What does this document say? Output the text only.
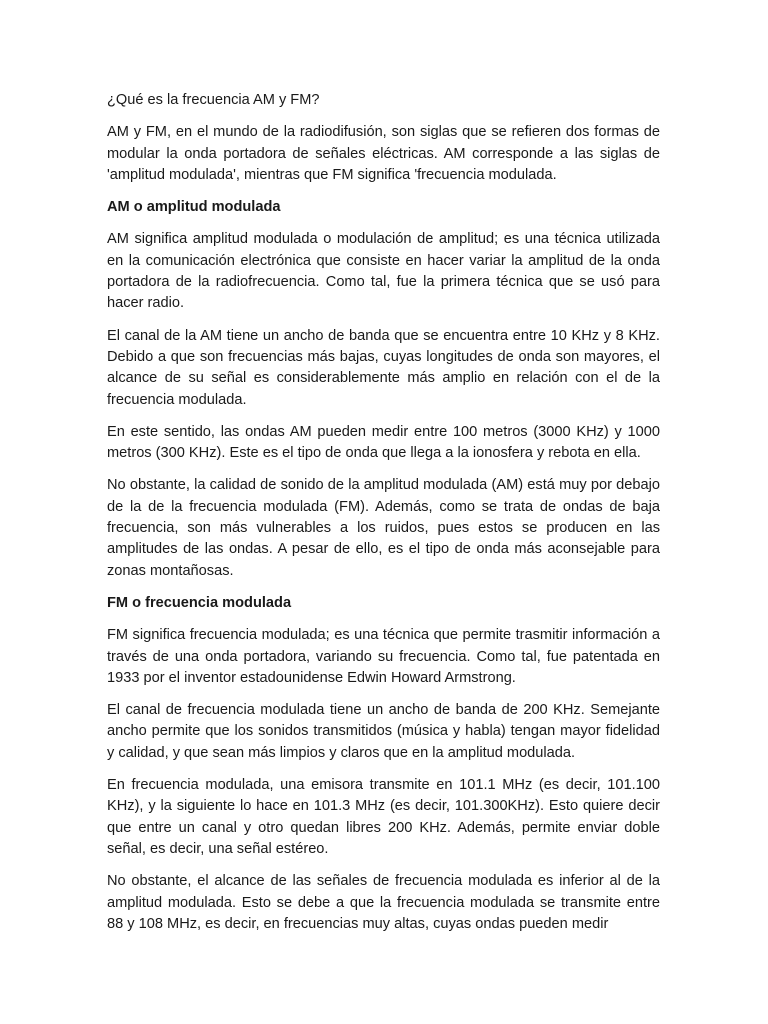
¿Qué es la frecuencia AM y FM?

AM y FM, en el mundo de la radiodifusión, son siglas que se refieren dos formas de modular la onda portadora de señales eléctricas. AM corresponde a las siglas de 'amplitud modulada', mientras que FM significa 'frecuencia modulada.

AM o amplitud modulada

AM significa amplitud modulada o modulación de amplitud; es una técnica utilizada en la comunicación electrónica que consiste en hacer variar la amplitud de la onda portadora de la radiofrecuencia. Como tal, fue la primera técnica que se usó para hacer radio.

El canal de la AM tiene un ancho de banda que se encuentra entre 10 KHz y 8 KHz. Debido a que son frecuencias más bajas, cuyas longitudes de onda son mayores, el alcance de su señal es considerablemente más amplio en relación con el de la frecuencia modulada.

En este sentido, las ondas AM pueden medir entre 100 metros (3000 KHz) y 1000 metros (300 KHz). Este es el tipo de onda que llega a la ionosfera y rebota en ella.

No obstante, la calidad de sonido de la amplitud modulada (AM) está muy por debajo de la de la frecuencia modulada (FM). Además, como se trata de ondas de baja frecuencia, son más vulnerables a los ruidos, pues estos se producen en las amplitudes de las ondas. A pesar de ello, es el tipo de onda más aconsejable para zonas montañosas.

FM o frecuencia modulada

FM significa frecuencia modulada; es una técnica que permite trasmitir información a través de una onda portadora, variando su frecuencia. Como tal, fue patentada en 1933 por el inventor estadounidense Edwin Howard Armstrong.

El canal de frecuencia modulada tiene un ancho de banda de 200 KHz. Semejante ancho permite que los sonidos transmitidos (música y habla) tengan mayor fidelidad y calidad, y que sean más limpios y claros que en la amplitud modulada.

En frecuencia modulada, una emisora transmite en 101.1 MHz (es decir, 101.100 KHz), y la siguiente lo hace en 101.3 MHz (es decir, 101.300KHz). Esto quiere decir que entre un canal y otro quedan libres 200 KHz. Además, permite enviar doble señal, es decir, una señal estéreo.

No obstante, el alcance de las señales de frecuencia modulada es inferior al de la amplitud modulada. Esto se debe a que la frecuencia modulada se transmite entre 88 y 108 MHz, es decir, en frecuencias muy altas, cuyas ondas pueden medir
